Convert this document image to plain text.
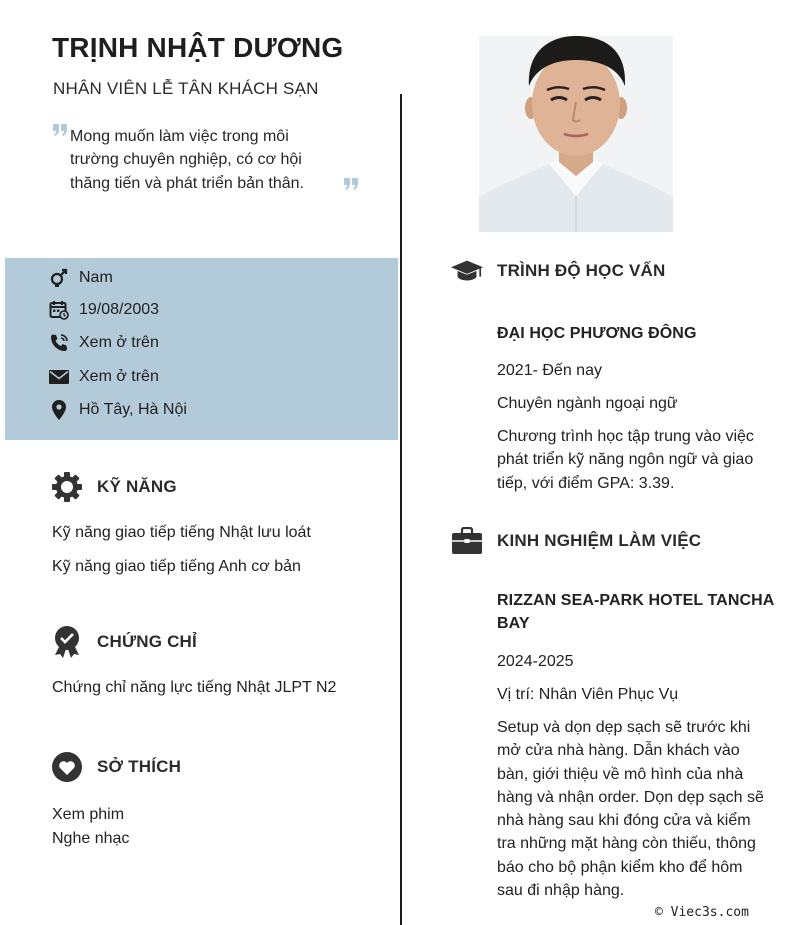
TRỊNH NHẬT DƯƠNG
NHÂN VIÊN LỄ TÂN KHÁCH SẠN
Mong muốn làm việc trong môi
trường chuyên nghiệp, có cơ hội
thăng tiến và phát triển bản thân.
Nam
19/08/2003
Xem ở trên
Xem ở trên
Hồ Tây, Hà Nội
KỸ NĂNG
Kỹ năng giao tiếp tiếng Nhật lưu loát
Kỹ năng giao tiếp tiếng Anh cơ bản
CHỨNG CHỈ
Chứng chỉ năng lực tiếng Nhật JLPT N2
SỞ THÍCH
Xem phim
Nghe nhạc
TRÌNH ĐỘ HỌC VẤN
ĐẠI HỌC PHƯƠNG ĐÔNG
2021- Đến nay
Chuyên ngành ngoại ngữ
Chương trình học tập trung vào việc
phát triển kỹ năng ngôn ngữ và giao
tiếp, với điểm GPA: 3.39.
KINH NGHIỆM LÀM VIỆC
RIZZAN SEA-PARK HOTEL TANCHA
BAY
2024-2025
Vị trí: Nhân Viên Phục Vụ
Setup và dọn dẹp sạch sẽ trước khi
mở cửa nhà hàng. Dẫn khách vào
bàn, giới thiệu về mô hình của nhà
hàng và nhận order. Dọn dẹp sạch sẽ
nhà hàng sau khi đóng cửa và kiểm
tra những mặt hàng còn thiếu, thông
báo cho bộ phận kiểm kho để hôm
sau đi nhập hàng.
© Viec3s.com
